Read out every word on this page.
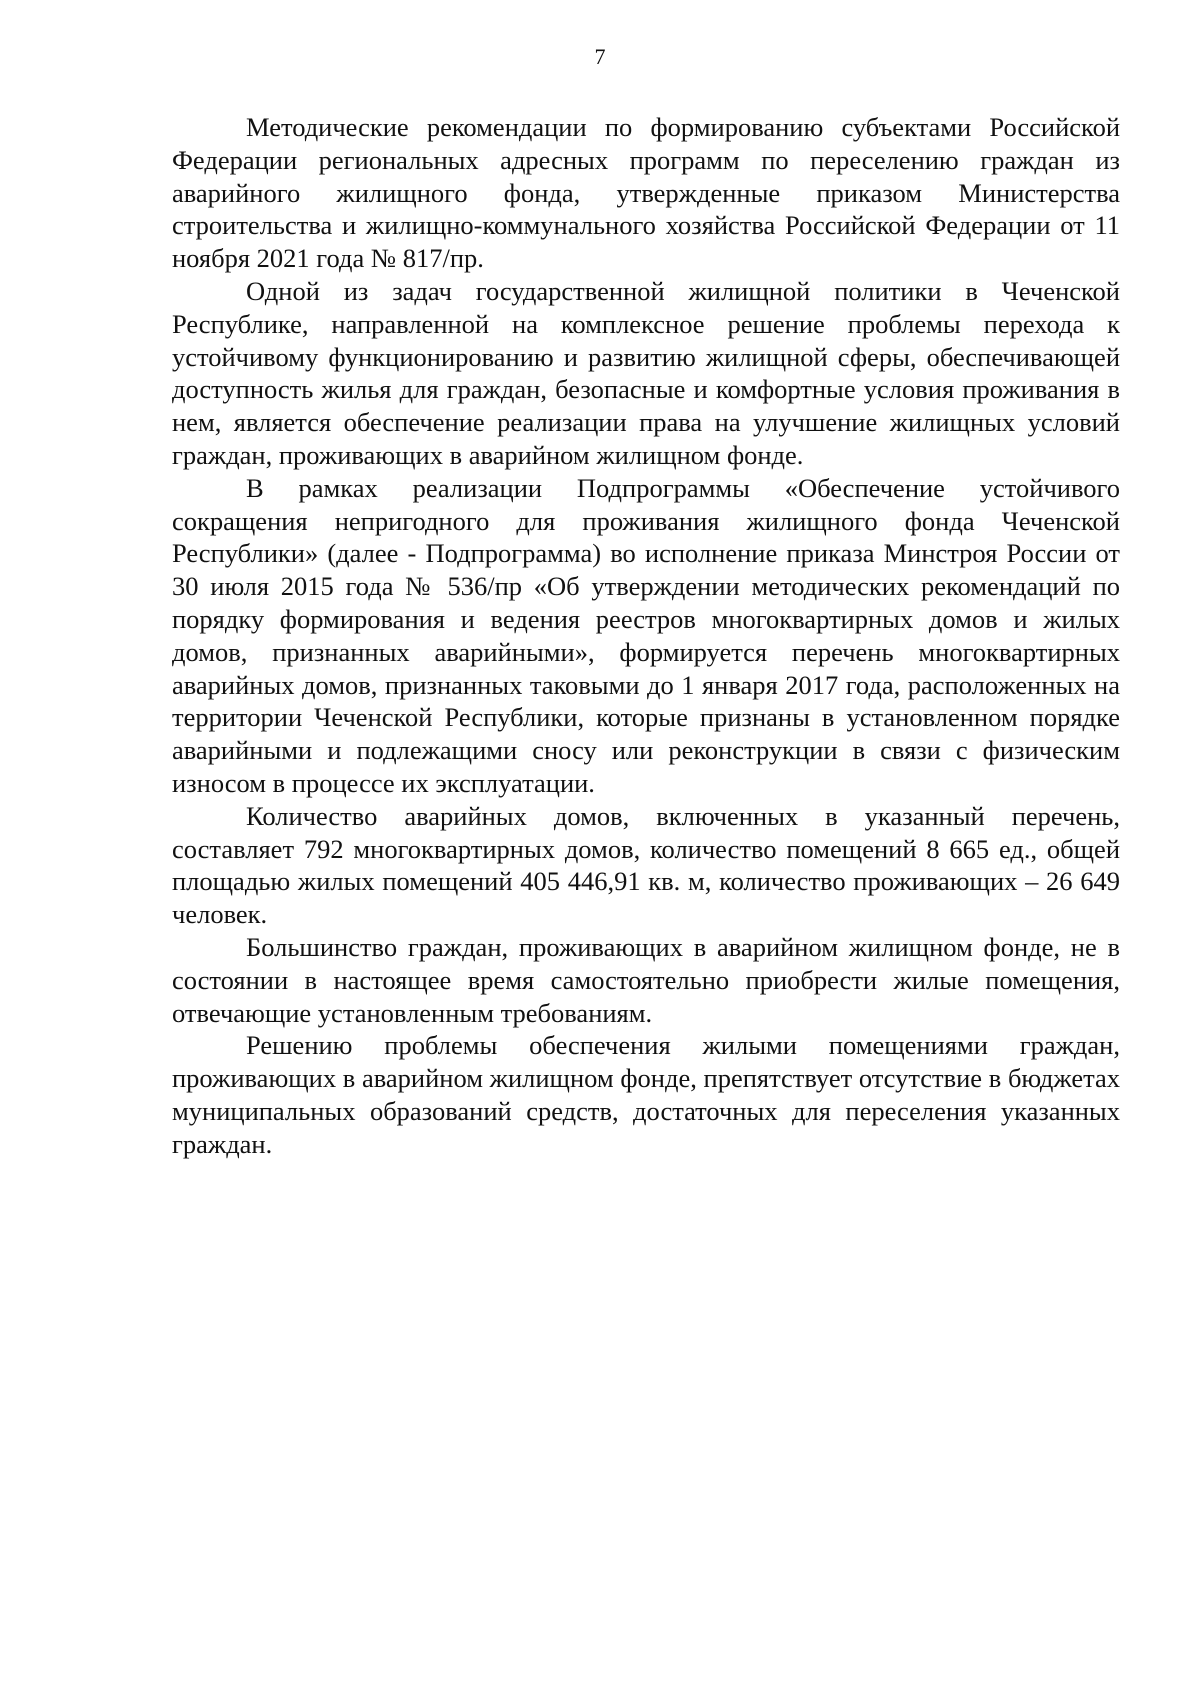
7

Методические рекомендации по формированию субъектами Российской Федерации региональных адресных программ по переселению граждан из аварийного жилищного фонда, утвержденные приказом Министерства строительства и жилищно-коммунального хозяйства Российской Федерации от 11 ноября 2021 года № 817/пр.

Одной из задач государственной жилищной политики в Чеченской Республике, направленной на комплексное решение проблемы перехода к устойчивому функционированию и развитию жилищной сферы, обеспечивающей доступность жилья для граждан, безопасные и комфортные условия проживания в нем, является обеспечение реализации права на улучшение жилищных условий граждан, проживающих в аварийном жилищном фонде.

В рамках реализации Подпрограммы «Обеспечение устойчивого сокращения непригодного для проживания жилищного фонда Чеченской Республики» (далее - Подпрограмма) во исполнение приказа Минстроя России от 30 июля 2015 года № 536/пр «Об утверждении методических рекомендаций по порядку формирования и ведения реестров многоквартирных домов и жилых домов, признанных аварийными», формируется перечень многоквартирных аварийных домов, признанных таковыми до 1 января 2017 года, расположенных на территории Чеченской Республики, которые признаны в установленном порядке аварийными и подлежащими сносу или реконструкции в связи с физическим износом в процессе их эксплуатации.

Количество аварийных домов, включенных в указанный перечень, составляет 792 многоквартирных домов, количество помещений 8 665 ед., общей площадью жилых помещений 405 446,91 кв. м, количество проживающих – 26 649 человек.

Большинство граждан, проживающих в аварийном жилищном фонде, не в состоянии в настоящее время самостоятельно приобрести жилые помещения, отвечающие установленным требованиям.

Решению проблемы обеспечения жилыми помещениями граждан, проживающих в аварийном жилищном фонде, препятствует отсутствие в бюджетах муниципальных образований средств, достаточных для переселения указанных граждан.
